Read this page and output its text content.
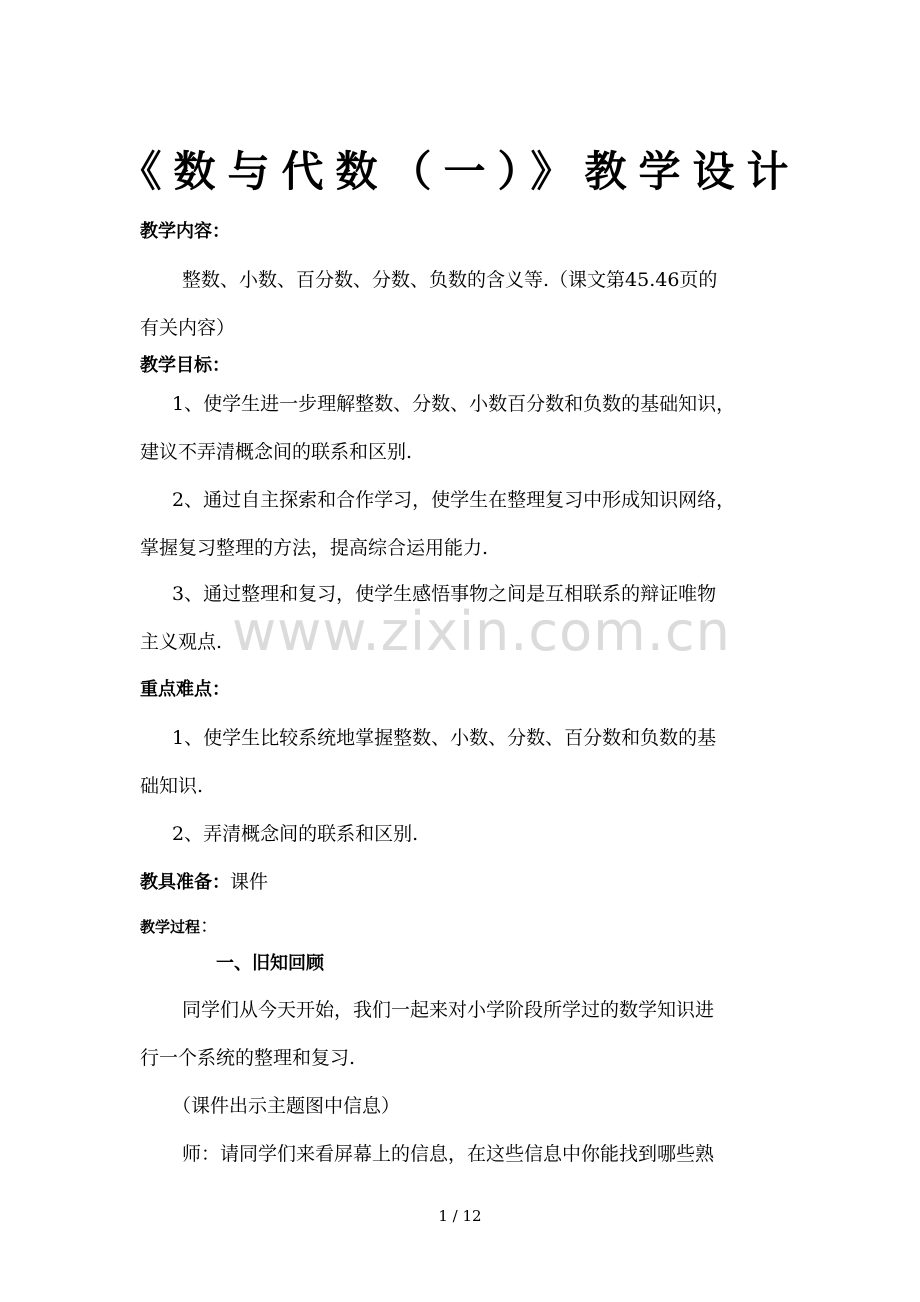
《数与代数（一）》教学设计
教学内容：
整数、小数、百分数、分数、负数的含义等.（课文第45.46页的
有关内容）
教学目标：
1、使学生进一步理解整数、分数、小数百分数和负数的基础知识，
建议不弄清概念间的联系和区别.
2、通过自主探索和合作学习，使学生在整理复习中形成知识网络，
掌握复习整理的方法，提高综合运用能力.
3、通过整理和复习，使学生感悟事物之间是互相联系的辩证唯物
主义观点.
重点难点：
1、使学生比较系统地掌握整数、小数、分数、百分数和负数的基
础知识.
2、弄清概念间的联系和区别.
教具准备：课件
教学过程：
一、旧知回顾
同学们从今天开始，我们一起来对小学阶段所学过的数学知识进
行一个系统的整理和复习.
（课件出示主题图中信息）
师：请同学们来看屏幕上的信息，在这些信息中你能找到哪些熟
www.zixin.com.cn
1 / 12
